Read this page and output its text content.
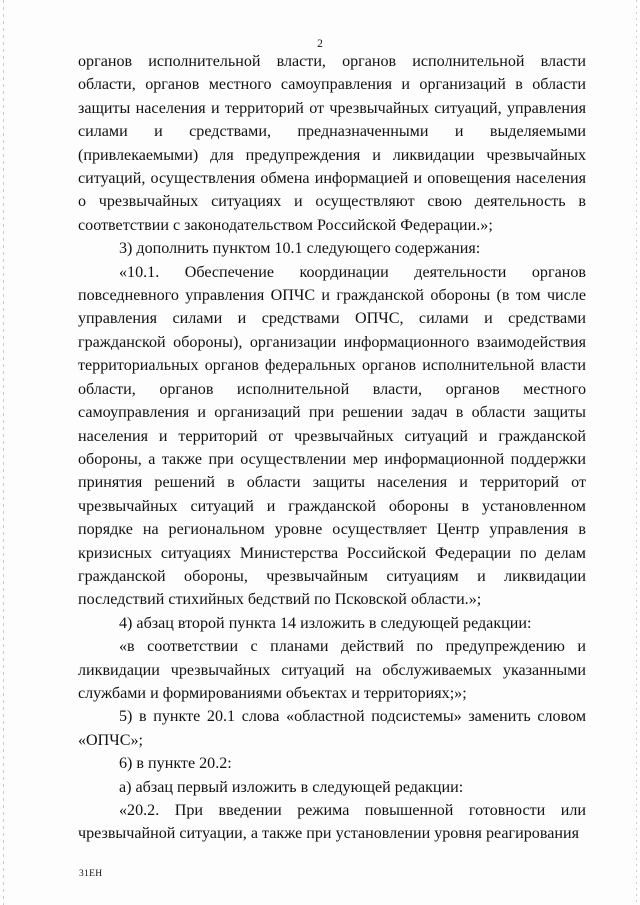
2

органов исполнительной власти, органов исполнительной власти области, органов местного самоуправления и организаций в области защиты населения и территорий от чрезвычайных ситуаций, управления силами и средствами, предназначенными и выделяемыми (привлекаемыми) для предупреждения и ликвидации чрезвычайных ситуаций, осуществления обмена информацией и оповещения населения о чрезвычайных ситуациях и осуществляют свою деятельность в соответствии с законодательством Российской Федерации.»;

3) дополнить пунктом 10.1 следующего содержания:

«10.1. Обеспечение координации деятельности органов повседневного управления ОПЧС и гражданской обороны (в том числе управления силами и средствами ОПЧС, силами и средствами гражданской обороны), организации информационного взаимодействия территориальных органов федеральных органов исполнительной власти области, органов исполнительной власти, органов местного самоуправления и организаций при решении задач в области защиты населения и территорий от чрезвычайных ситуаций и гражданской обороны, а также при осуществлении мер информационной поддержки принятия решений в области защиты населения и территорий от чрезвычайных ситуаций и гражданской обороны в установленном порядке на региональном уровне осуществляет Центр управления в кризисных ситуациях Министерства Российской Федерации по делам гражданской обороны, чрезвычайным ситуациям и ликвидации последствий стихийных бедствий по Псковской области.»;

4) абзац второй пункта 14 изложить в следующей редакции:

«в соответствии с планами действий по предупреждению и ликвидации чрезвычайных ситуаций на обслуживаемых указанными службами и формированиями объектах и территориях;»;

5) в пункте 20.1 слова «областной подсистемы» заменить словом «ОПЧС»;

6) в пункте 20.2:

а) абзац первый изложить в следующей редакции:

«20.2. При введении режима повышенной готовности или чрезвычайной ситуации, а также при установлении уровня реагирования

31ЕН
